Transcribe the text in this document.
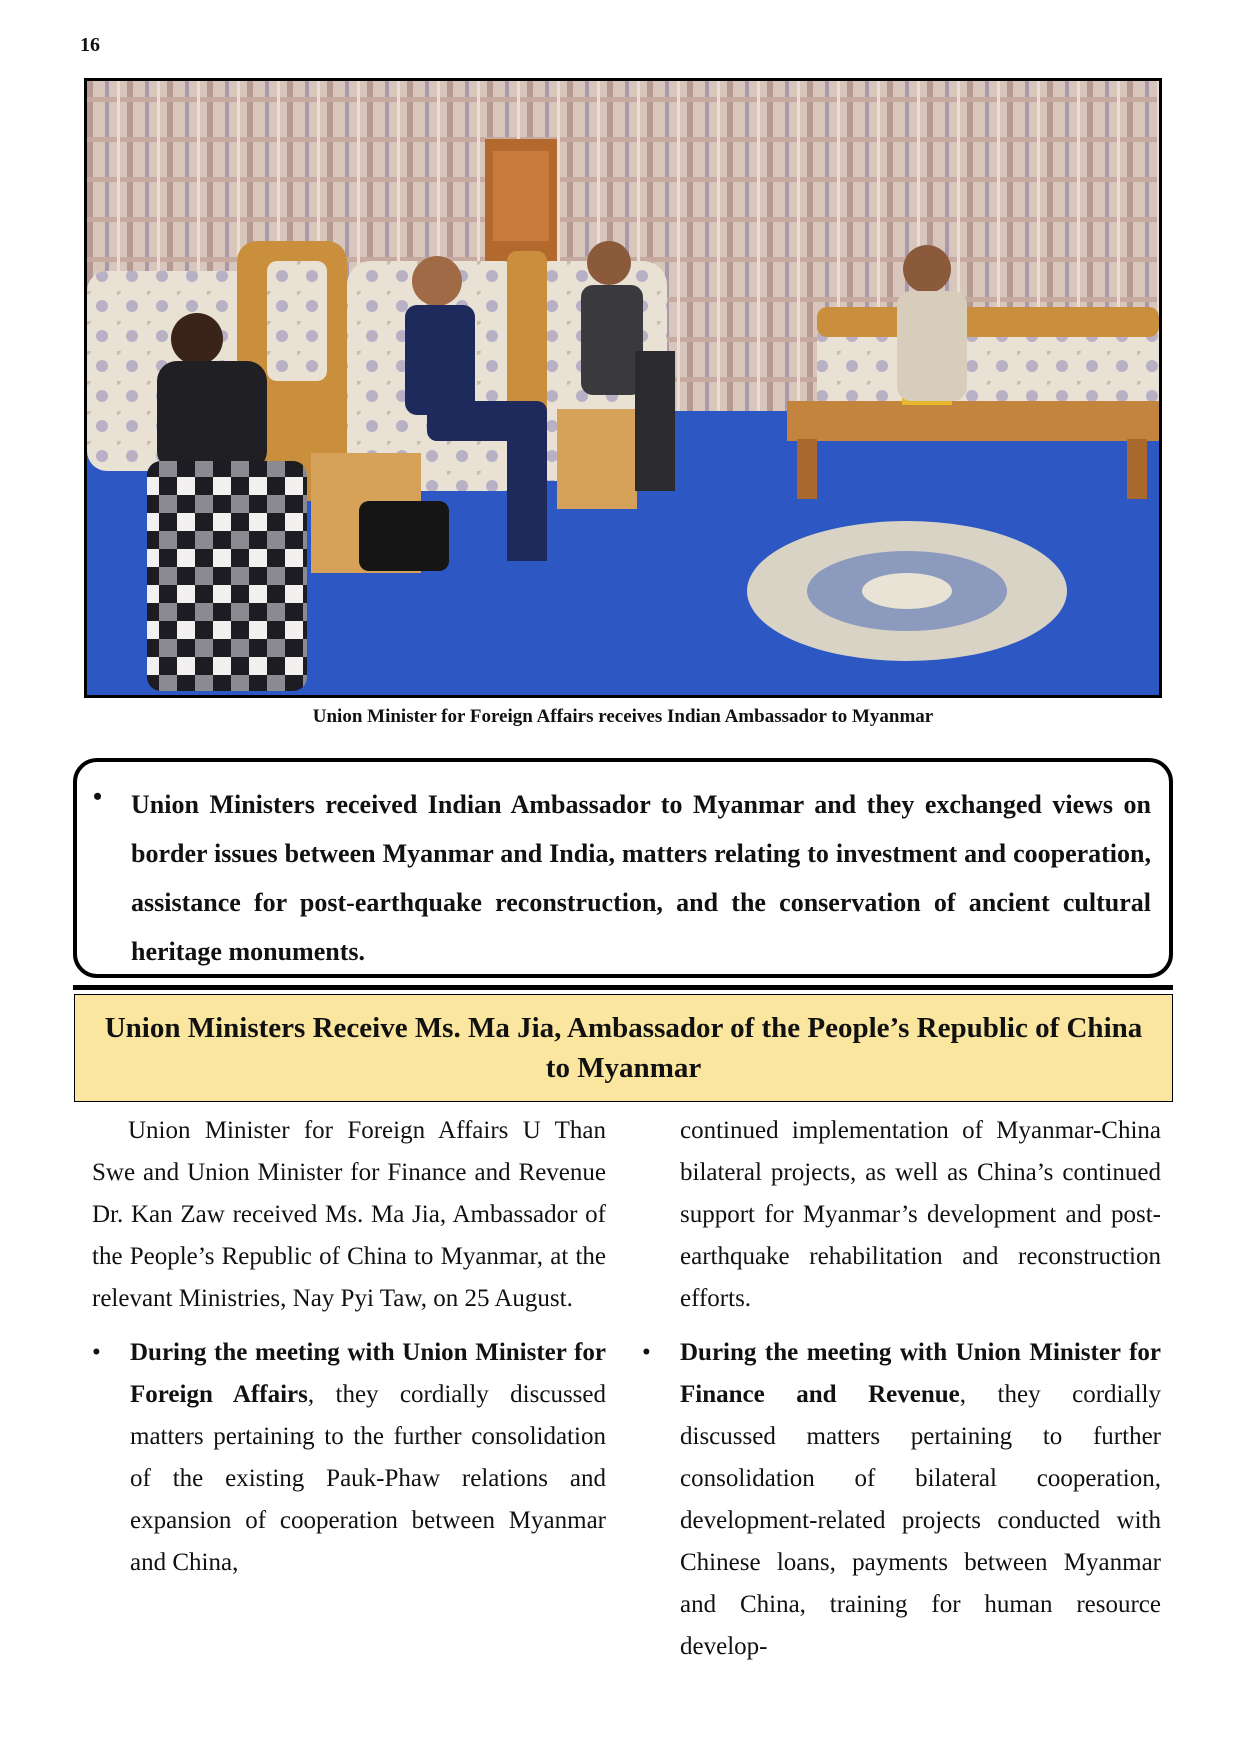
16
Union Minister for Foreign Affairs receives Indian Ambassador to Myanmar
• Union Ministers received Indian Ambassador to Myanmar and they exchanged views on border issues between Myanmar and India, matters relating to investment and cooperation, assistance for post-earthquake reconstruction, and the conservation of ancient cultural heritage monuments.

Union Ministers Receive Ms. Ma Jia, Ambassador of the People’s Republic of China to Myanmar

Union Minister for Foreign Affairs U Than Swe and Union Minister for Finance and Revenue Dr. Kan Zaw received Ms. Ma Jia, Ambassador of the People’s Republic of China to Myanmar, at the relevant Ministries, Nay Pyi Taw, on 25 August.

• During the meeting with Union Minister for Foreign Affairs, they cordially discussed matters pertaining to the further consolidation of the existing Pauk-Phaw relations and expansion of cooperation between Myanmar and China,

continued implementation of Myanmar-China bilateral projects, as well as China’s continued support for Myanmar’s development and post-earthquake rehabilitation and reconstruction efforts.

• During the meeting with Union Minister for Finance and Revenue, they cordially discussed matters pertaining to further consolidation of bilateral cooperation, development-related projects conducted with Chinese loans, payments between Myanmar and China, training for human resource develop-
